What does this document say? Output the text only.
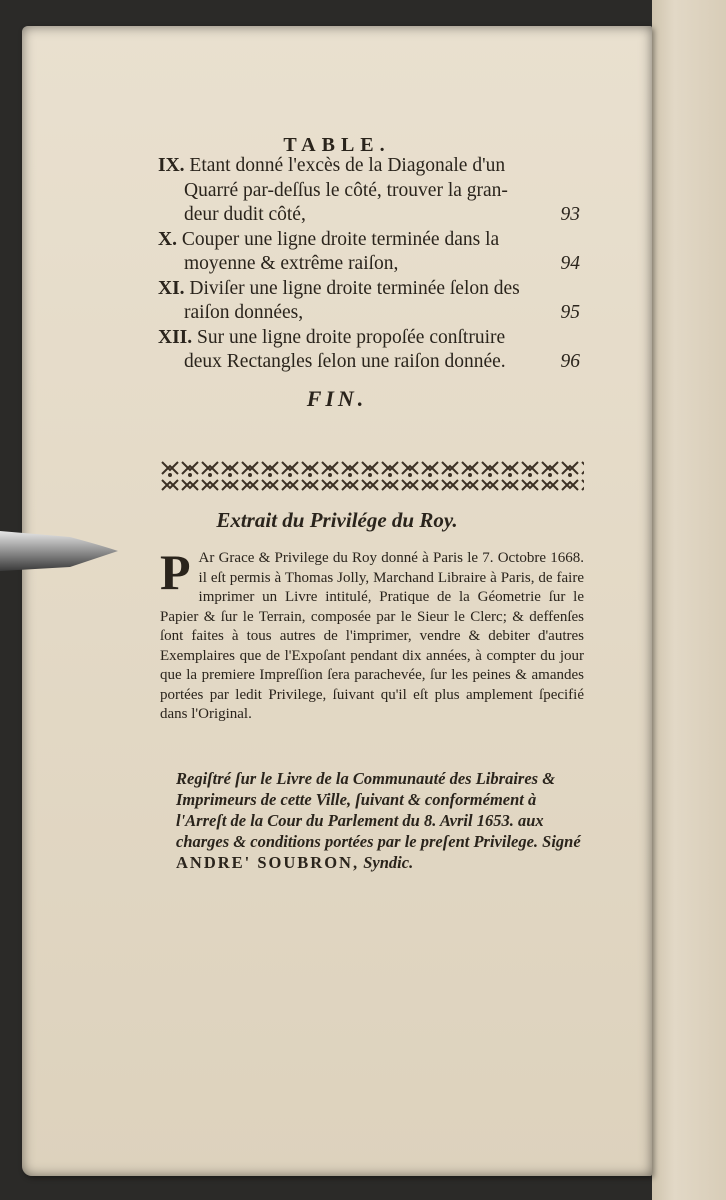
TABLE.
IX. Etant donné l'excès de la Diagonale d'un
Quarré par-deſſus le côté, trouver la gran-
deur dudit côté,	93
X. Couper une ligne droite terminée dans la
moyenne & extrême raiſon,	94
XI. Diviſer une ligne droite terminée ſelon des
raiſon données,	95
XII. Sur une ligne droite propoſée conſtruire
deux Rectangles ſelon une raiſon donnée.	96
FIN.
Extrait du Privilége du Roy.
P Ar Grace & Privilege du Roy donné à Paris le 7. Octobre 1668. il eſt permis à Thomas Jolly, Marchand Libraire à Paris, de faire imprimer un Livre intitulé, Pratique de la Géometrie ſur le Papier & ſur le Terrain, composée par le Sieur le Clerc; & deffenſes ſont faites à tous autres de l'imprimer, vendre & debiter d'autres Exemplaires que de l'Expoſant pendant dix années, à compter du jour que la premiere Impreſſion ſera parachevée, ſur les peines & amandes portées par ledit Privilege, ſuivant qu'il eſt plus amplement ſpecifié dans l'Original.
Regiſtré ſur le Livre de la Communauté des Libraires & Imprimeurs de cette Ville, ſuivant & conformément à l'Arreſt de la Cour du Parlement du 8. Avril 1653. aux charges & conditions portées par le preſent Privilege. Signé ANDRE' SOUBRON, Syndic.
